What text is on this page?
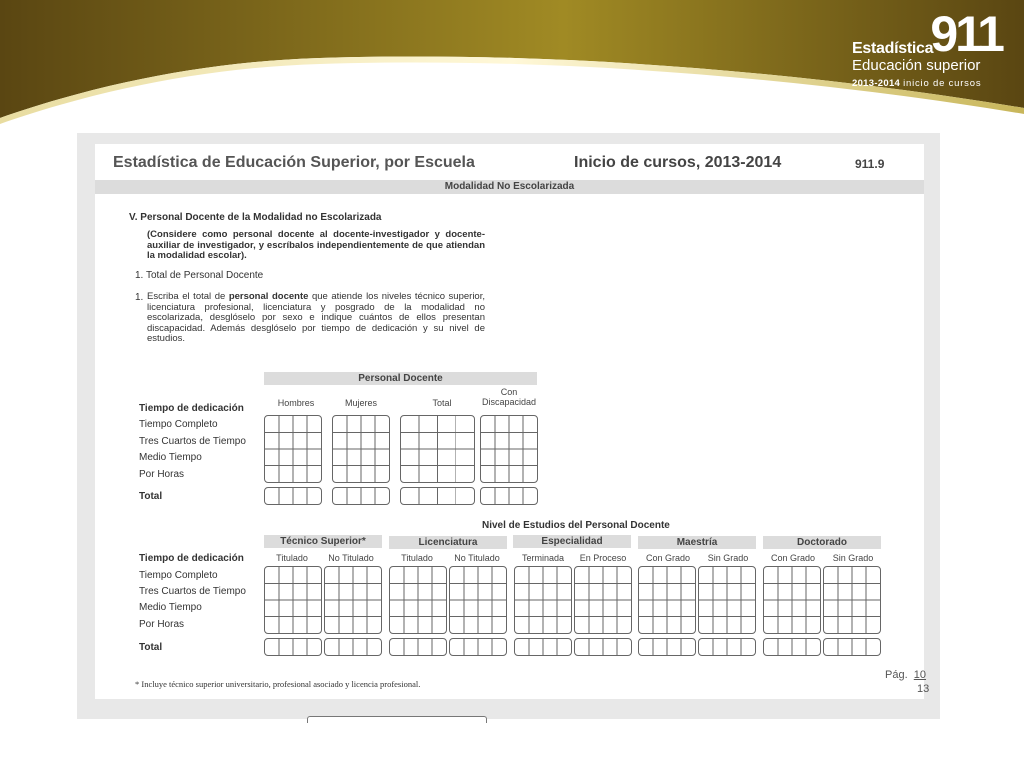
Estadística
911
Educación superior
2013-2014 inicio de cursos
Estadística de Educación Superior, por Escuela	Inicio de cursos, 2013-2014	911.9
Modalidad No Escolarizada
V. Personal Docente de la Modalidad no Escolarizada
(Considere como personal docente al docente-investigador y docente-auxiliar de investigador, y escríbalos independientemente de que atiendan la modalidad escolar).
1. Total de Personal Docente
1. Escriba el total de personal docente que atiende los niveles técnico superior, licenciatura profesional, licenciatura y posgrado de la modalidad no escolarizada, desglóselo por sexo e indique cuántos de ellos presentan discapacidad. Además desglóselo por tiempo de dedicación y su nivel de estudios.
Personal Docente
Hombres	Mujeres	Total
Con Discapacidad
Tiempo de dedicación
Tiempo Completo
Tres Cuartos de Tiempo
Medio Tiempo
Por Horas
Total
Nivel de Estudios del Personal Docente
Técnico Superior*	Licenciatura	Especialidad	Maestría	Doctorado
Titulado	No Titulado	Titulado	No Titulado	Terminada	En Proceso	Con Grado	Sin Grado	Con Grado	Sin Grado
Tiempo de dedicación
Tiempo Completo
Tres Cuartos de Tiempo
Medio Tiempo
Por Horas
Total
* Incluye técnico superior universitario, profesional asociado y licencia profesional.
Pág. 10
13
